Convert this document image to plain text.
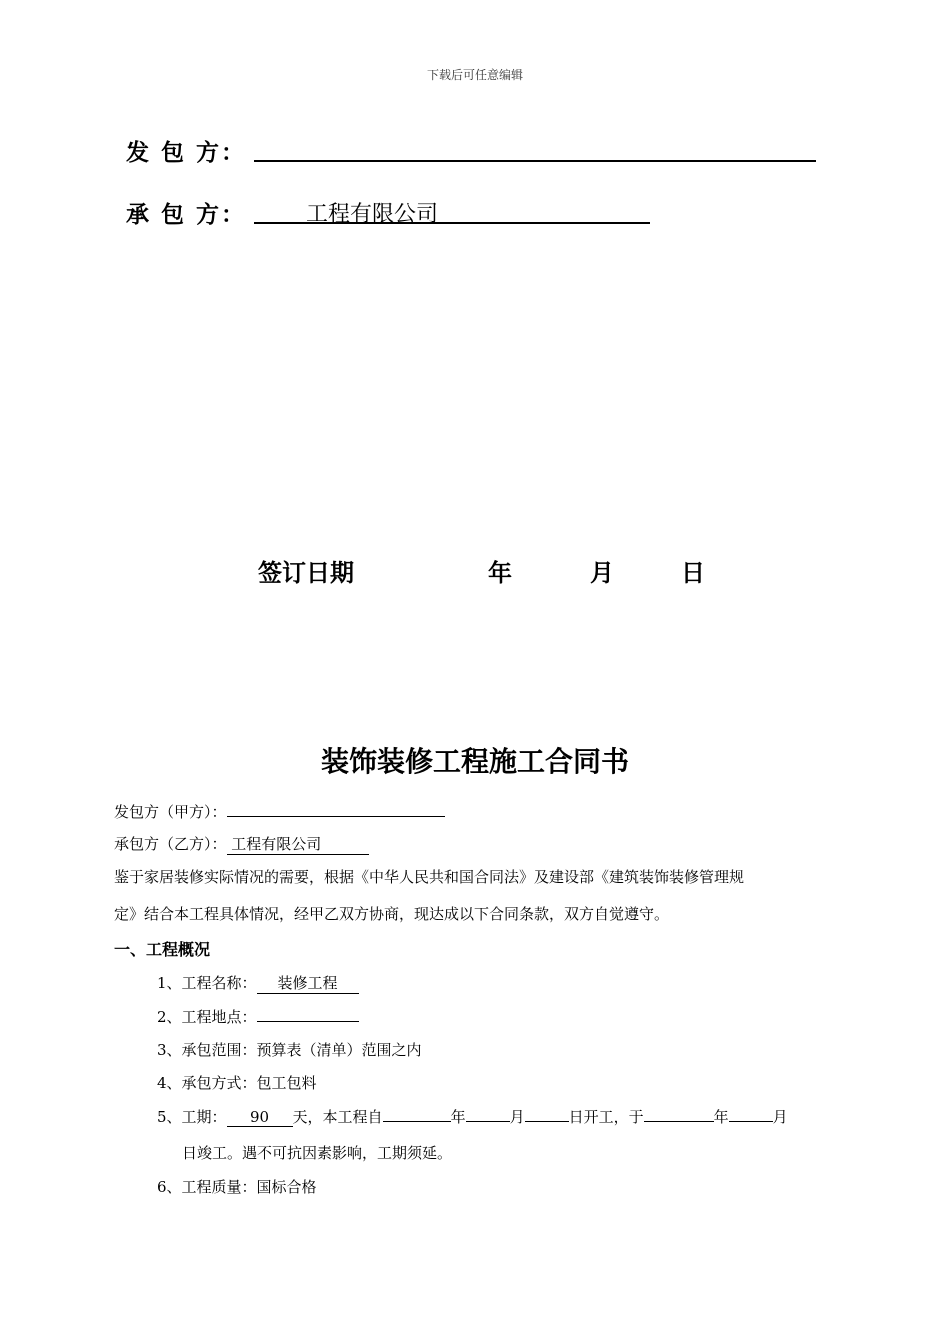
下载后可任意编辑
发 包 方：
承 包 方：	工程有限公司
签订日期	年	月	日
装饰装修工程施工合同书
发包方（甲方）：
承包方（乙方）： 工程有限公司
鉴于家居装修实际情况的需要，根据《中华人民共和国合同法》及建设部《建筑装饰装修管理规
定》结合本工程具体情况，经甲乙双方协商，现达成以下合同条款，双方自觉遵守。
一、工程概况
1、工程名称： 装修工程
2、工程地点：
3、承包范围：预算表（清单）范围之内
4、承包方式：包工包料
5、工期： 90 天，本工程自	年	月	日开工，于	年	月
日竣工。遇不可抗因素影响，工期须延。
6、工程质量：国标合格
